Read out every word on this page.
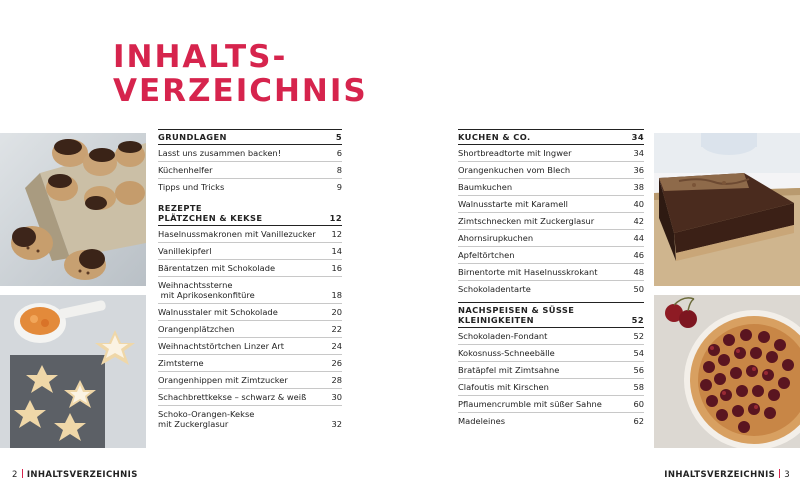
INHALTS-
VERZEICHNIS
GRUNDLAGEN	5
Lasst uns zusammen backen!	6
Küchenhelfer	8
Tipps und Tricks	9
REZEPTE
PLÄTZCHEN & KEKSE	12
Haselnussmakronen mit Vanillezucker	12
Vanillekipferl	14
Bärentatzen mit Schokolade	16
Weihnachtssterne
mit Aprikosenkonfitüre	18
Walnusstaler mit Schokolade	20
Orangenplätzchen	22
Weihnachtstörtchen Linzer Art	24
Zimtsterne	26
Orangenhippen mit Zimtzucker	28
Schachbrettkekse – schwarz & weiß	30
Schoko-Orangen-Kekse
mit Zuckerglasur	32
2 INHALTSVERZEICHNIS
KUCHEN & CO.	34
Shortbreadtorte mit Ingwer	34
Orangenkuchen vom Blech	36
Baumkuchen	38
Walnusstarte mit Karamell	40
Zimtschnecken mit Zuckerglasur	42
Ahornsirupkuchen	44
Apfeltörtchen	46
Birnentorte mit Haselnusskrokant	48
Schokoladentarte	50
NACHSPEISEN & SÜSSE KLEINIGKEITEN	52
Schokoladen-Fondant	52
Kokosnuss-Schneebälle	54
Bratäpfel mit Zimtsahne	56
Clafoutis mit Kirschen	58
Pflaumencrumble mit süßer Sahne	60
Madeleines	62
INHALTSVERZEICHNIS 3
